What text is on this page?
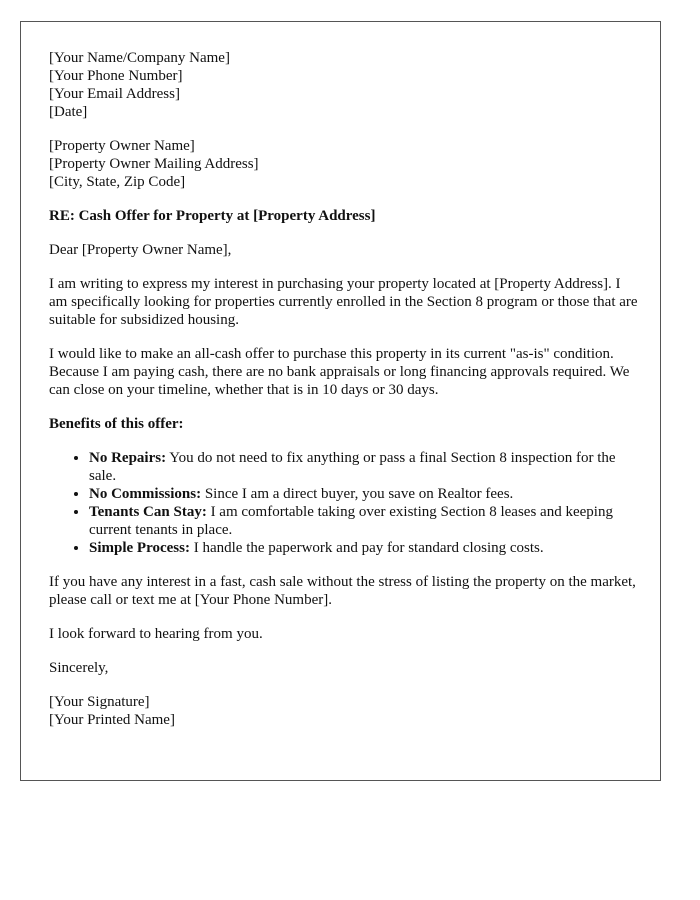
[Your Name/Company Name]
[Your Phone Number]
[Your Email Address]
[Date]

[Property Owner Name]
[Property Owner Mailing Address]
[City, State, Zip Code]

RE: Cash Offer for Property at [Property Address]

Dear [Property Owner Name],

I am writing to express my interest in purchasing your property located at [Property Address]. I am specifically looking for properties currently enrolled in the Section 8 program or those that are suitable for subsidized housing.

I would like to make an all-cash offer to purchase this property in its current "as-is" condition. Because I am paying cash, there are no bank appraisals or long financing approvals required. We can close on your timeline, whether that is in 10 days or 30 days.

Benefits of this offer:

• No Repairs: You do not need to fix anything or pass a final Section 8 inspection for the sale.
• No Commissions: Since I am a direct buyer, you save on Realtor fees.
• Tenants Can Stay: I am comfortable taking over existing Section 8 leases and keeping current tenants in place.
• Simple Process: I handle the paperwork and pay for standard closing costs.

If you have any interest in a fast, cash sale without the stress of listing the property on the market, please call or text me at [Your Phone Number].

I look forward to hearing from you.

Sincerely,

[Your Signature]
[Your Printed Name]
